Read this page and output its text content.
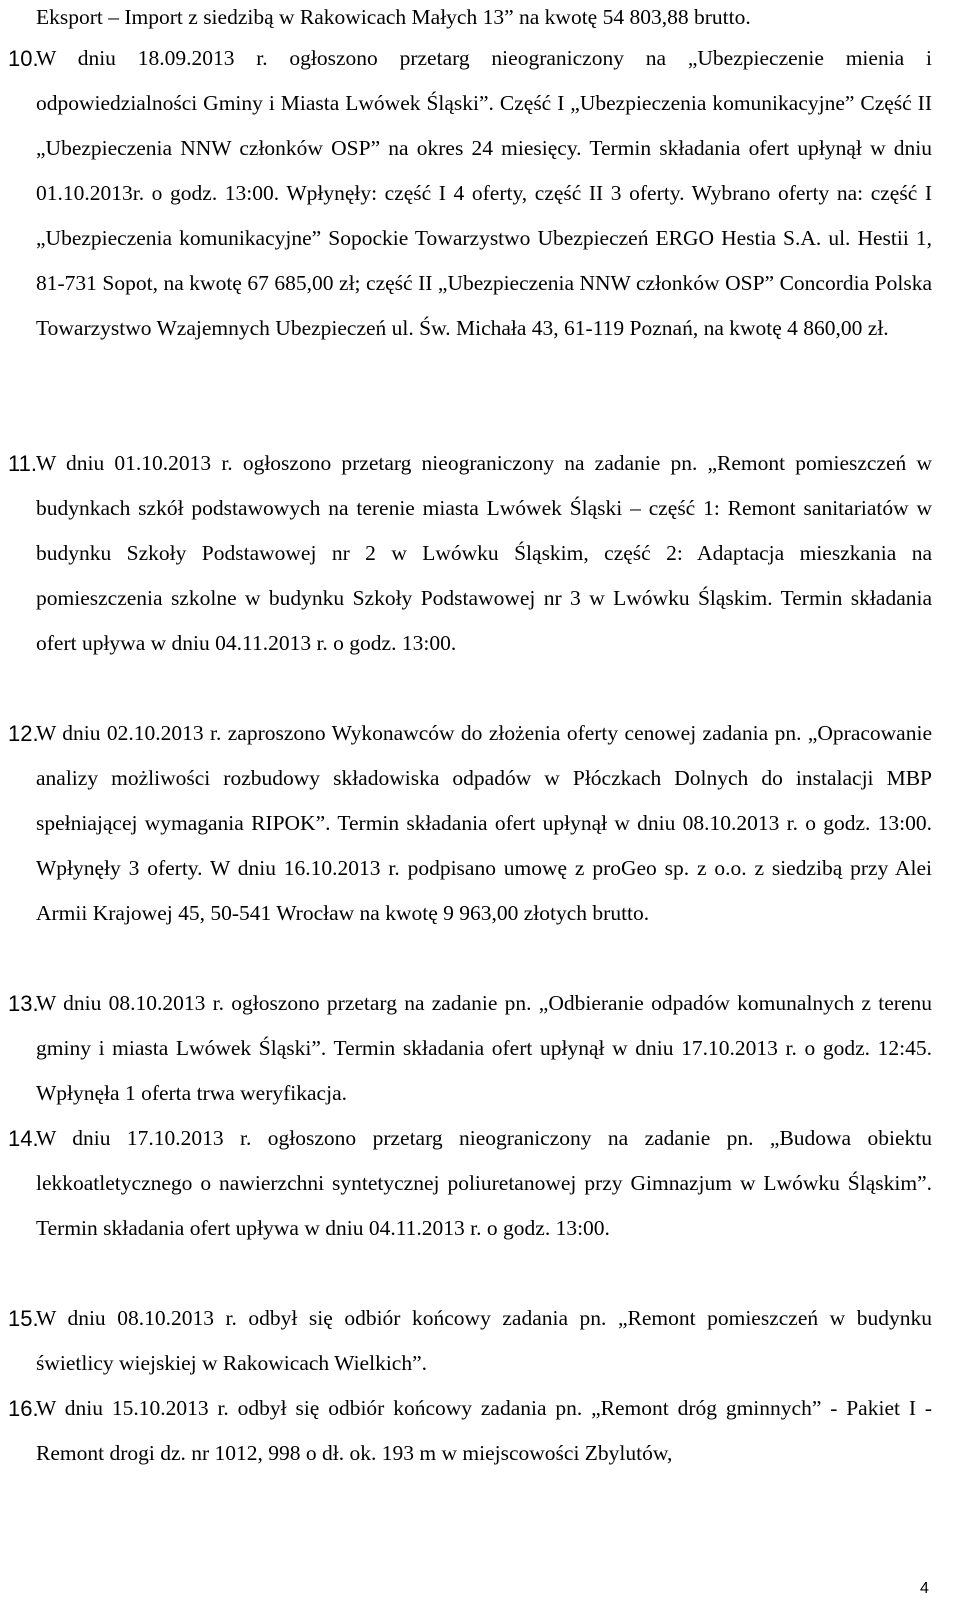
Eksport – Import z siedzibą w Rakowicach Małych 13” na kwotę 54 803,88 brutto.
10.

W dniu 18.09.2013 r. ogłoszono przetarg nieograniczony na „Ubezpieczenie mienia i odpowiedzialności Gminy i Miasta Lwówek Śląski”. Część I „Ubezpieczenia komunikacyjne” Część II „Ubezpieczenia NNW członków OSP” na okres 24 miesięcy. Termin składania ofert upłynął w dniu 01.10.2013r. o godz. 13:00. Wpłynęły: część I 4 oferty, część II 3 oferty. Wybrano oferty na: część I „Ubezpieczenia komunikacyjne” Sopockie Towarzystwo Ubezpieczeń ERGO Hestia S.A. ul. Hestii 1, 81-731 Sopot, na kwotę 67 685,00 zł; część II „Ubezpieczenia NNW członków OSP” Concordia Polska Towarzystwo Wzajemnych Ubezpieczeń ul. Św. Michała 43, 61-119 Poznań, na kwotę 4 860,00 zł.

11. W dniu 01.10.2013 r. ogłoszono przetarg nieograniczony na zadanie pn. „Remont pomieszczeń w budynkach szkół podstawowych na terenie miasta Lwówek Śląski – część 1: Remont sanitariatów w budynku Szkoły Podstawowej nr 2 w Lwówku Śląskim, część 2: Adaptacja mieszkania na pomieszczenia szkolne w budynku Szkoły Podstawowej nr 3 w Lwówku Śląskim. Termin składania ofert upływa w dniu 04.11.2013 r. o godz. 13:00.

12.

W dniu 02.10.2013 r. zaproszono Wykonawców do złożenia oferty cenowej zadania pn. „Opracowanie analizy możliwości rozbudowy składowiska odpadów w Płóczkach Dolnych do instalacji MBP spełniającej wymagania RIPOK”. Termin składania ofert upłynął w dniu 08.10.2013 r. o godz. 13:00. Wpłynęły 3 oferty. W dniu 16.10.2013 r. podpisano umowę z proGeo sp. z o.o. z siedzibą przy Alei Armii Krajowej 45, 50-541 Wrocław na kwotę 9 963,00 złotych brutto.

13.

W dniu 08.10.2013 r. ogłoszono przetarg na zadanie pn. „Odbieranie odpadów komunalnych z terenu gminy i miasta Lwówek Śląski”. Termin składania ofert upłynął w dniu 17.10.2013 r. o godz. 12:45. Wpłynęła 1 oferta trwa weryfikacja.

14.

W dniu 17.10.2013 r. ogłoszono przetarg nieograniczony na zadanie pn. „Budowa obiektu lekkoatletycznego o nawierzchni syntetycznej poliuretanowej przy Gimnazjum w Lwówku Śląskim”. Termin składania ofert upływa w dniu 04.11.2013 r. o godz. 13:00.

15.

W dniu 08.10.2013 r. odbył się odbiór końcowy zadania pn. „Remont pomieszczeń w budynku świetlicy wiejskiej w Rakowicach Wielkich”.

16.

W dniu 15.10.2013 r. odbył się odbiór końcowy zadania pn. „Remont dróg gminnych” - Pakiet I - Remont drogi dz. nr 1012, 998 o dł. ok. 193 m w miejscowości Zbylutów,

4
